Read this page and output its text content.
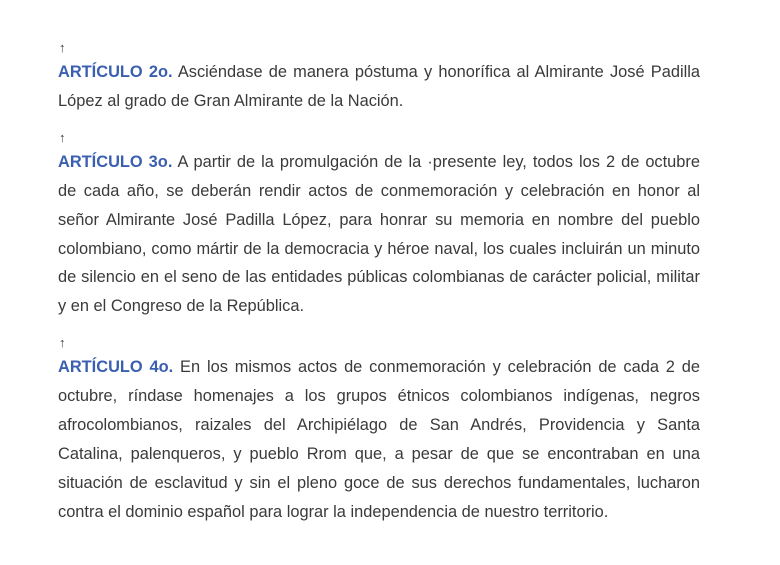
↑

ARTÍCULO 2o. Asciéndase de manera póstuma y honorífica al Almirante José Padilla López al grado de Gran Almirante de la Nación.

↑

ARTÍCULO 3o. A partir de la promulgación de la ·presente ley, todos los 2 de octubre de cada año, se deberán rendir actos de conmemoración y celebración en honor al señor Almirante José Padilla López, para honrar su memoria en nombre del pueblo colombiano, como mártir de la democracia y héroe naval, los cuales incluirán un minuto de silencio en el seno de las entidades públicas colombianas de carácter policial, militar y en el Congreso de la República.

↑

ARTÍCULO 4o. En los mismos actos de conmemoración y celebración de cada 2 de octubre, ríndase homenajes a los grupos étnicos colombianos indígenas, negros afrocolombianos, raizales del Archipiélago de San Andrés, Providencia y Santa Catalina, palenqueros, y pueblo Rrom que, a pesar de que se encontraban en una situación de esclavitud y sin el pleno goce de sus derechos fundamentales, lucharon contra el dominio español para lograr la independencia de nuestro territorio.
